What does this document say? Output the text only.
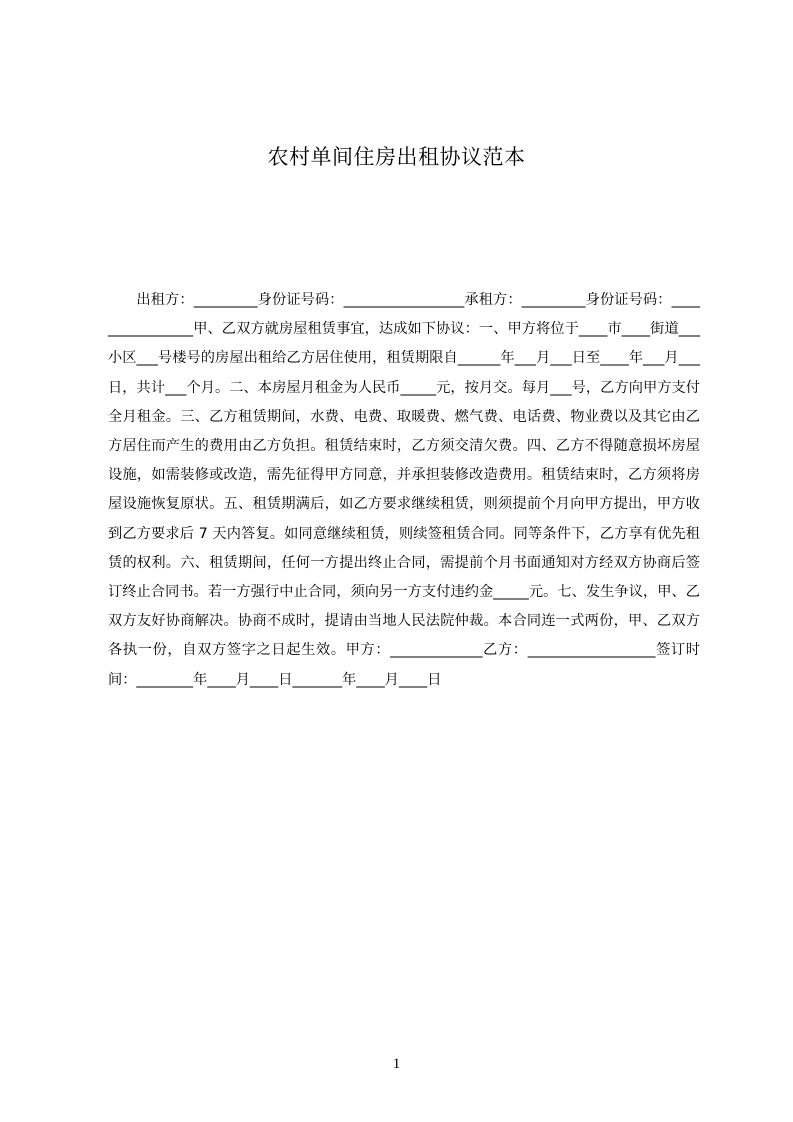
农村单间住房出租协议范本

出租方：_________身份证号码：_________________承租方：_________身份证号码：________________甲、乙双方就房屋租赁事宜，达成如下协议：一、甲方将位于____市____街道___小区___号楼号的房屋出租给乙方居住使用，租赁期限自______年___月___日至____年___月___日，共计___个月。二、本房屋月租金为人民币_____元，按月交。每月___号，乙方向甲方支付全月租金。三、乙方租赁期间，水费、电费、取暖费、燃气费、电话费、物业费以及其它由乙方居住而产生的费用由乙方负担。租赁结束时，乙方须交清欠费。四、乙方不得随意损坏房屋设施，如需装修或改造，需先征得甲方同意，并承担装修改造费用。租赁结束时，乙方须将房屋设施恢复原状。五、租赁期满后，如乙方要求继续租赁，则须提前个月向甲方提出，甲方收到乙方要求后 7 天内答复。如同意继续租赁，则续签租赁合同。同等条件下，乙方享有优先租赁的权利。六、租赁期间，任何一方提出终止合同，需提前个月书面通知对方经双方协商后签订终止合同书。若一方强行中止合同，须向另一方支付违约金_____元。七、发生争议，甲、乙双方友好协商解决。协商不成时，提请由当地人民法院仲裁。本合同连一式两份，甲、乙双方各执一份，自双方签字之日起生效。甲方：_____________乙方：__________________签订时间：________年____月____日_______年____月____日

1
